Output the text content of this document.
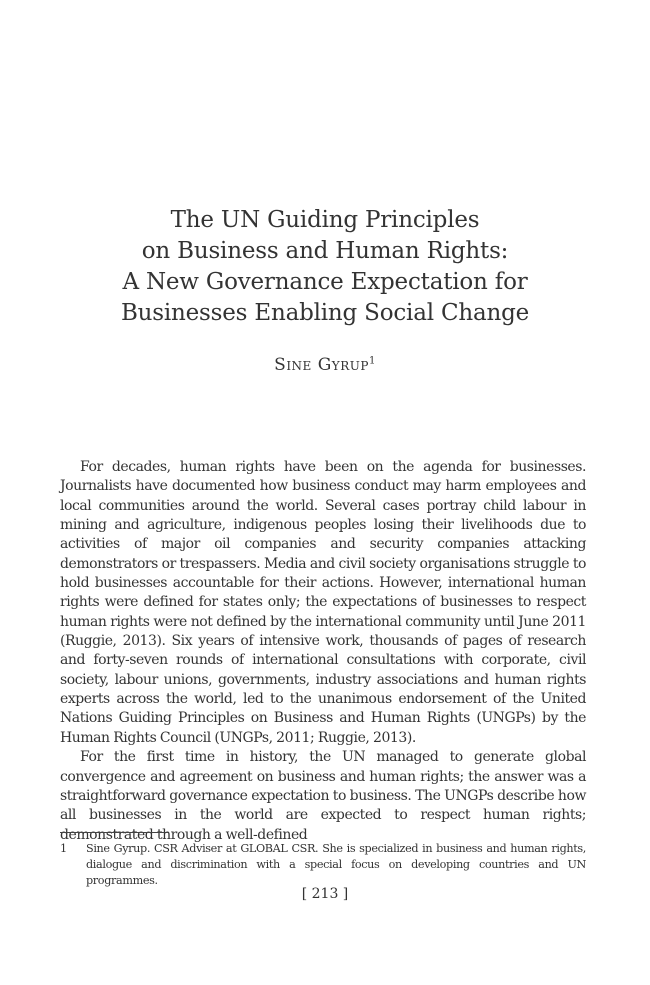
The UN Guiding Principles
on Business and Human Rights:
A New Governance Expectation for
Businesses Enabling Social Change
Sine Gyrup$^1$

For decades, human rights have been on the agenda for businesses. Journalists have documented how business conduct may harm employees and local communities around the world. Several cases portray child labour in mining and agriculture, indigenous peoples losing their livelihoods due to activities of major oil companies and security companies attacking demonstrators or trespassers. Media and civil society organisations struggle to hold businesses accountable for their actions. However, international human rights were defined for states only; the expectations of businesses to respect human rights were not defined by the international community until June 2011 (Ruggie, 2013). Six years of intensive work, thousands of pages of research and forty-seven rounds of international consultations with corporate, civil society, labour unions, governments, industry associations and human rights experts across the world, led to the unanimous endorsement of the United Nations Guiding Principles on Business and Human Rights (UNGPs) by the Human Rights Council (UNGPs, 2011; Ruggie, 2013).

For the first time in history, the UN managed to generate global convergence and agreement on business and human rights; the answer was a straightforward governance expectation to business. The UNGPs describe how all businesses in the world are expected to respect human rights; demonstrated through a well-defined

1 Sine Gyrup. CSR Adviser at GLOBAL CSR. She is specialized in business and human rights, dialogue and discrimination with a special focus on developing countries and UN programmes.
[ 213 ]
